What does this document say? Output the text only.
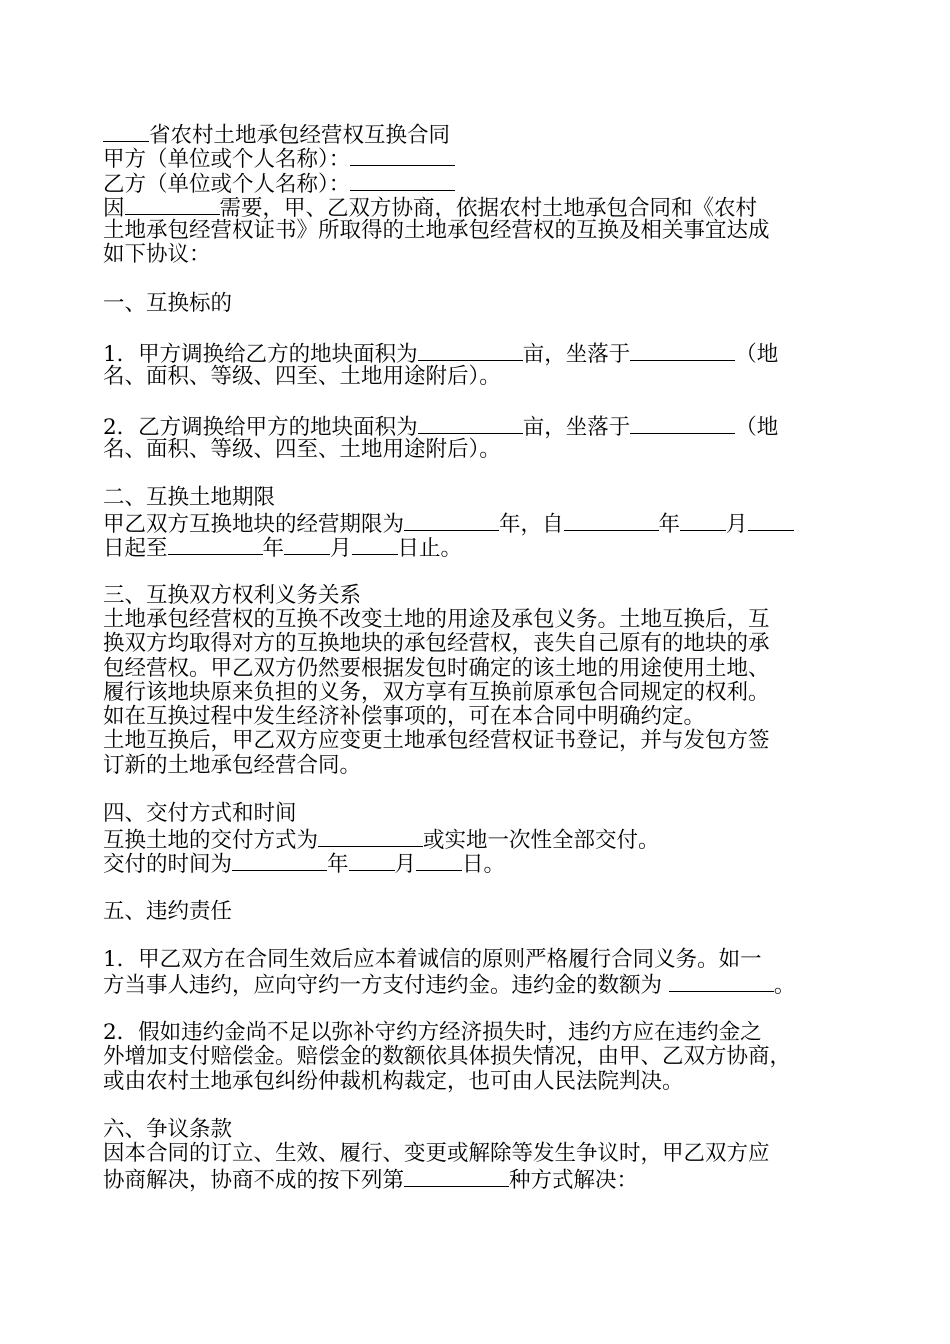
省农村土地承包经营权互换合同
甲方（单位或个人名称）：
乙方（单位或个人名称）：
因	需要，甲、乙双方协商，依据农村土地承包合同和《农村
土地承包经营权证书》所取得的土地承包经营权的互换及相关事宜达成
如下协议：
一、互换标的
1．甲方调换给乙方的地块面积为	亩，坐落于	（地
名、面积、等级、四至、土地用途附后）。
2．乙方调换给甲方的地块面积为	亩，坐落于	（地
名、面积、等级、四至、土地用途附后）。
二、互换土地期限
甲乙双方互换地块的经营期限为	年，自	年 月
日起至	年 月 日止。
三、互换双方权利义务关系
土地承包经营权的互换不改变土地的用途及承包义务。土地互换后，互
换双方均取得对方的互换地块的承包经营权，丧失自己原有的地块的承
包经营权。甲乙双方仍然要根据发包时确定的该土地的用途使用土地、
履行该地块原来负担的义务，双方享有互换前原承包合同规定的权利。
如在互换过程中发生经济补偿事项的，可在本合同中明确约定。
土地互换后，甲乙双方应变更土地承包经营权证书登记，并与发包方签
订新的土地承包经营合同。
四、交付方式和时间
互换土地的交付方式为	或实地一次性全部交付。
交付的时间为	年 月 日。
五、违约责任
1．甲乙双方在合同生效后应本着诚信的原则严格履行合同义务。如一
方当事人违约，应向守约一方支付违约金。违约金的数额为	。
2．假如违约金尚不足以弥补守约方经济损失时，违约方应在违约金之
外增加支付赔偿金。赔偿金的数额依具体损失情况，由甲、乙双方协商，
或由农村土地承包纠纷仲裁机构裁定，也可由人民法院判决。
六、争议条款
因本合同的订立、生效、履行、变更或解除等发生争议时，甲乙双方应
协商解决，协商不成的按下列第	种方式解决：
